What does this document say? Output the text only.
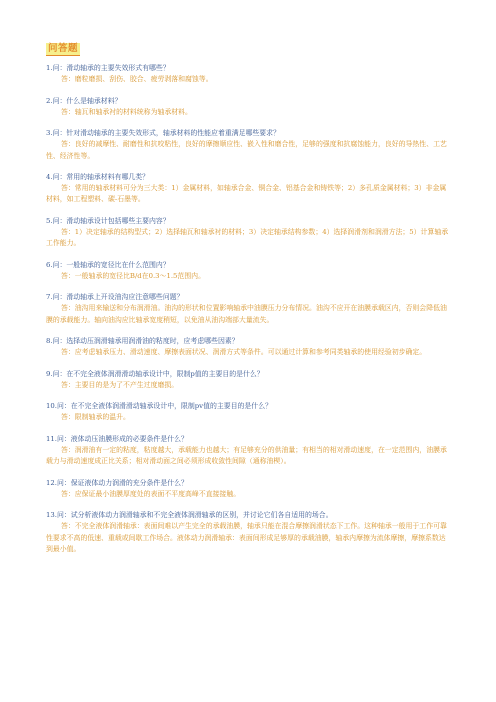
问答题
1.问：滑动轴承的主要失效形式有哪些？
答：磨粒磨损、刮伤、胶合、疲劳剥落和腐蚀等。
2.问：什么是轴承材料？
答：轴瓦和轴承衬的材料统称为轴承材料。
3.问：针对滑动轴承的主要失效形式，轴承材料的性能应着重满足哪些要求？
答：良好的减摩性、耐磨性和抗咬粘性，良好的摩擦顺应性、嵌入性和磨合性，足够的强度和抗腐蚀能力，良好的导热性、工艺性、经济性等。
4.问：常用的轴承材料有哪几类？
答：常用的轴承材料可分为三大类：1）金属材料，如轴承合金、铜合金、铝基合金和铸铁等；2）多孔质金属材料；3）非金属材料，如工程塑料、碳-石墨等。
5.问：滑动轴承设计包括哪些主要内容？
答：1）决定轴承的结构型式；2）选择轴瓦和轴承衬的材料；3）决定轴承结构参数；4）选择润滑剂和润滑方法；5）计算轴承工作能力。
6.问：一般轴承的宽径比在什么范围内？
答：一般轴承的宽径比B/d在0.3～1.5范围内。
7.问：滑动轴承上开设油沟应注意哪些问题？
答：油沟用来输送和分布润滑油。油沟的形状和位置影响轴承中油膜压力分布情况。油沟不应开在油膜承载区内，否则会降低油膜的承载能力。轴向油沟应比轴承宽度稍短，以免油从油沟端部大量流失。
8.问：选择动压润滑轴承用润滑油的粘度时，应考虑哪些因素？
答：应考虑轴承压力、滑动速度、摩擦表面状况、润滑方式等条件。可以通过计算和参考同类轴承的使用经验初步确定。
9.问：在不完全液体润滑滑动轴承设计中，限制p值的主要目的是什么？
答：主要目的是为了不产生过度磨损。
10.问：在不完全液体润滑滑动轴承设计中，限制pv值的主要目的是什么？
答：限制轴承的温升。
11.问：液体动压油膜形成的必要条件是什么？
答：润滑油有一定的粘度，粘度越大，承载能力也越大；有足够充分的供油量；有相当的相对滑动速度，在一定范围内，油膜承载力与滑动速度成正比关系；相对滑动面之间必须形成收敛性间隙（通称油楔）。
12.问：保证液体动力润滑的充分条件是什么？
答：应保证最小油膜厚度处的表面不平度高峰不直接接触。
13.问：试分析液体动力润滑轴承和不完全液体润滑轴承的区别，并讨论它们各自适用的场合。
答：不完全液体润滑轴承：表面间难以产生完全的承载油膜，轴承只能在混合摩擦润滑状态下工作。这种轴承一般用于工作可靠性要求不高的低速、重载或间歇工作场合。液体动力润滑轴承：表面间形成足够厚的承载油膜，轴承内摩擦为流体摩擦，摩擦系数达到最小值。
